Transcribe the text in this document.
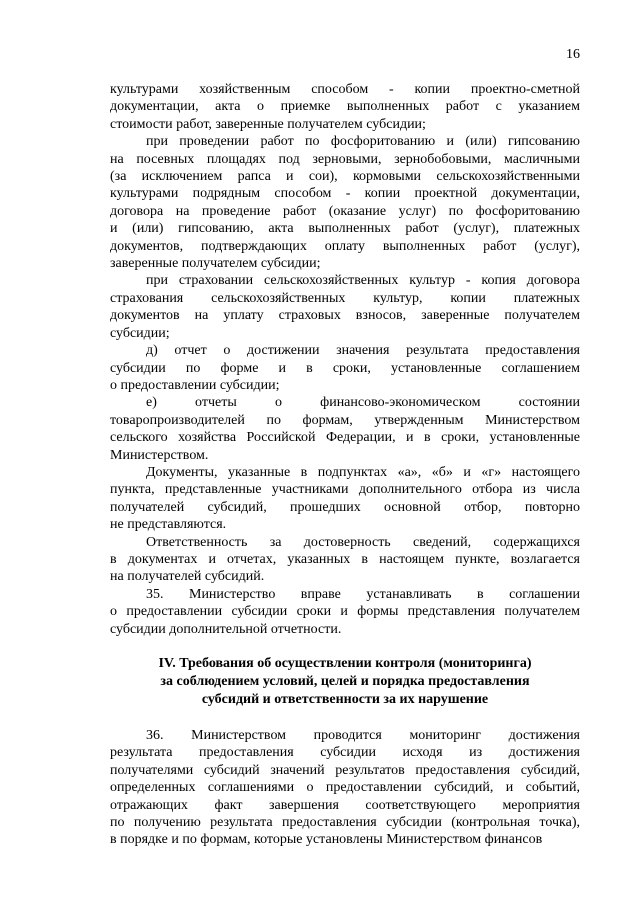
16

культурами хозяйственным способом - копии проектно-сметной
документации, акта о приемке выполненных работ с указанием
стоимости работ, заверенные получателем субсидии;

при проведении работ по фосфоритованию и (или) гипсованию
на посевных площадях под зерновыми, зернобобовыми, масличными
(за исключением рапса и сои), кормовыми сельскохозяйственными
культурами подрядным способом - копии проектной документации,
договора на проведение работ (оказание услуг) по фосфоритованию
и (или) гипсованию, акта выполненных работ (услуг), платежных
документов, подтверждающих оплату выполненных работ (услуг),
заверенные получателем субсидии;

при страховании сельскохозяйственных культур - копия договора
страхования сельскохозяйственных культур, копии платежных
документов на уплату страховых взносов, заверенные получателем
субсидии;

д) отчет о достижении значения результата предоставления
субсидии по форме и в сроки, установленные соглашением
о предоставлении субсидии;

е) отчеты о финансово-экономическом состоянии
товаропроизводителей по формам, утвержденным Министерством
сельского хозяйства Российской Федерации, и в сроки, установленные
Министерством.

Документы, указанные в подпунктах «а», «б» и «г» настоящего
пункта, представленные участниками дополнительного отбора из числа
получателей субсидий, прошедших основной отбор, повторно
не представляются.

Ответственность за достоверность сведений, содержащихся
в документах и отчетах, указанных в настоящем пункте, возлагается
на получателей субсидий.

35. Министерство вправе устанавливать в соглашении
о предоставлении субсидии сроки и формы представления получателем
субсидии дополнительной отчетности.

IV. Требования об осуществлении контроля (мониторинга)
за соблюдением условий, целей и порядка предоставления
субсидий и ответственности за их нарушение

36. Министерством проводится мониторинг достижения
результата предоставления субсидии исходя из достижения
получателями субсидий значений результатов предоставления субсидий,
определенных соглашениями о предоставлении субсидий, и событий,
отражающих факт завершения соответствующего мероприятия
по получению результата предоставления субсидии (контрольная точка),
в порядке и по формам, которые установлены Министерством финансов
